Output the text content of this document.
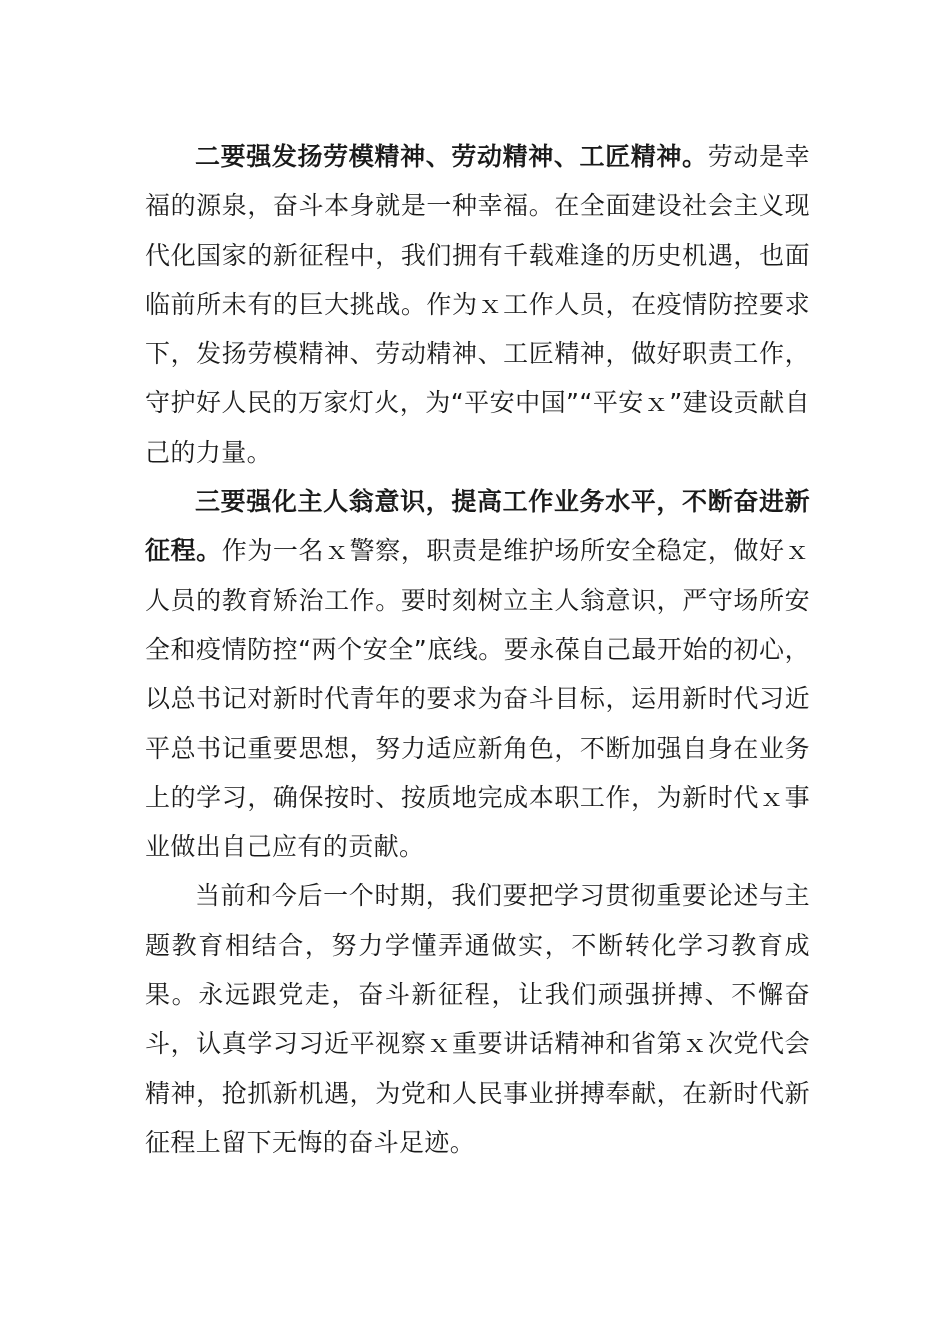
二要强发扬劳模精神、劳动精神、工匠精神。劳动是幸福的源泉，奋斗本身就是一种幸福。在全面建设社会主义现代化国家的新征程中，我们拥有千载难逢的历史机遇，也面临前所未有的巨大挑战。作为ｘ工作人员，在疫情防控要求下，发扬劳模精神、劳动精神、工匠精神，做好职责工作，守护好人民的万家灯火，为“平安中国”“平安ｘ”建设贡献自己的力量。

三要强化主人翁意识，提高工作业务水平，不断奋进新征程。作为一名ｘ警察，职责是维护场所安全稳定，做好ｘ人员的教育矫治工作。要时刻树立主人翁意识，严守场所安全和疫情防控“两个安全”底线。要永葆自己最开始的初心，以总书记对新时代青年的要求为奋斗目标，运用新时代习近平总书记重要思想，努力适应新角色，不断加强自身在业务上的学习，确保按时、按质地完成本职工作，为新时代ｘ事业做出自己应有的贡献。

当前和今后一个时期，我们要把学习贯彻重要论述与主题教育相结合，努力学懂弄通做实，不断转化学习教育成果。永远跟党走，奋斗新征程，让我们顽强拼搏、不懈奋斗，认真学习习近平视察ｘ重要讲话精神和省第ｘ次党代会精神，抢抓新机遇，为党和人民事业拼搏奉献，在新时代新征程上留下无悔的奋斗足迹。
